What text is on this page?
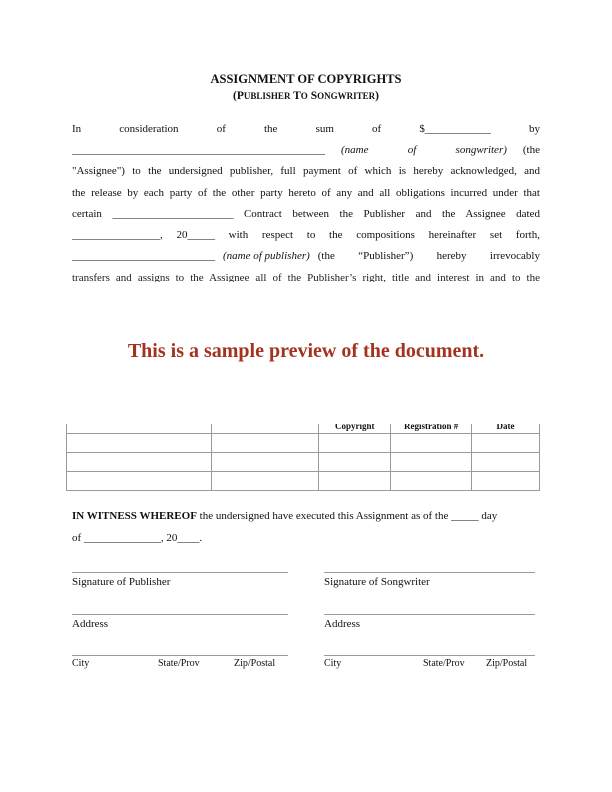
ASSIGNMENT OF COPYRIGHTS
(PUBLISHER TO SONGWRITER)
In	consideration	of	the	sum	of	$____________	by
______________________________________________	(name of songwriter)	(the
"Assignee") to the undersigned publisher, full payment of which is hereby acknowledged, and
the release by each party of the other party hereto of any and all obligations incurred under that
certain ______________________ Contract between the Publisher and the Assignee dated
________________, 20_____ with respect to the compositions hereinafter set forth,
__________________________ (name of publisher) (the “Publisher”) hereby irrevocably
transfers and assigns to the Assignee all of the Publisher’s right, title and interest in and to the
This is a sample preview of the document.

		Copyright	Registration #	Date

IN WITNESS WHEREOF the undersigned have executed this Assignment as of the _____ day
of ______________, 20____.
Signature of Publisher
Address
City	State/Prov	Zip/Postal
Signature of Songwriter
Address
City	State/Prov Zip/Postal
